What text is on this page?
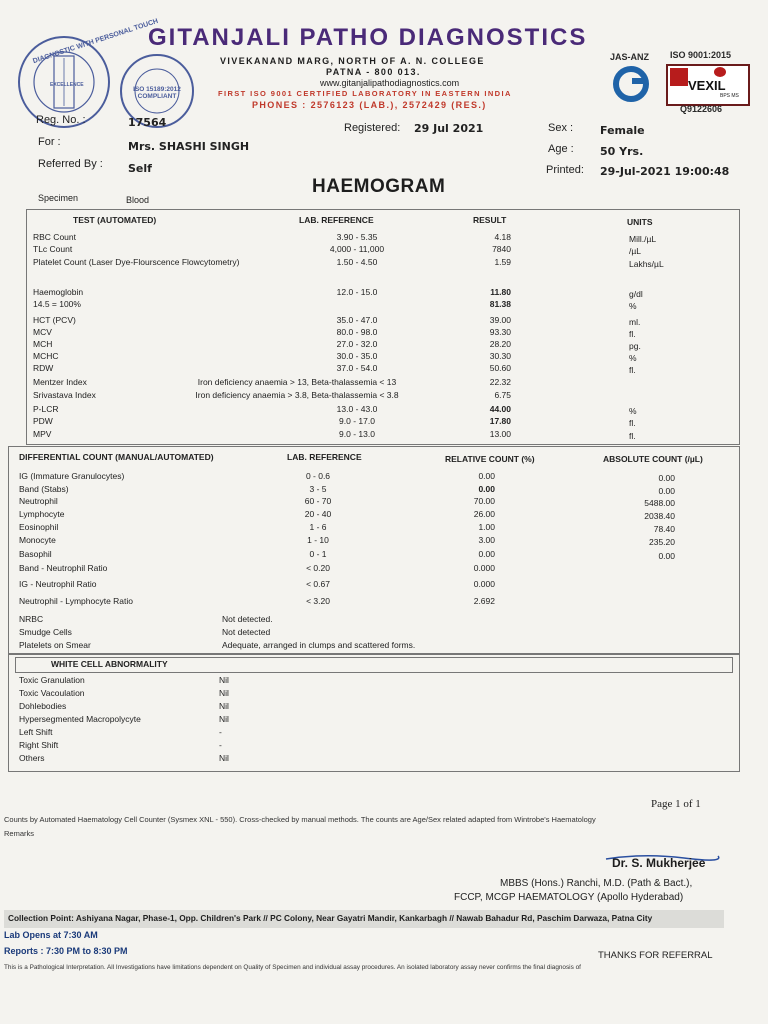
DIAGNOSTIC WITH PERSONAL TOUCH
EXCELLENCE
ISO 15189:2012 COMPLIANT
GITANJALI PATHO DIAGNOSTICS
VIVEKANAND MARG, NORTH OF A. N. COLLEGE
PATNA - 800 013.
www.gitanjalipathodiagnostics.com
FIRST ISO 9001 CERTIFIED LABORATORY IN EASTERN INDIA
PHONES : 2576123 (LAB.), 2572429 (RES.)
JAS-ANZ ISO 9001:2015
VEXIL
BPS MS
Q9122606
Reg. No. :	17564	Registered: 29 Jul 2021	Sex : Female
For :	Mrs. SHASHI SINGH	Age : 50 Yrs.
Referred By : Self	Printed: 29-Jul-2021 19:00:48
HAEMOGRAM
Specimen	Blood
TEST (AUTOMATED)	LAB. REFERENCE	RESULT	UNITS
RBC Count	3.90 - 5.35	4.18	Mill./µL
TLc Count	4,000 - 11,000	7840	/µL
Platelet Count (Laser Dye-Flourscence Flowcytometry)	1.50 - 4.50	1.59	Lakhs/µL
Haemoglobin	12.0 - 15.0	11.80	g/dl
14.5 = 100%	81.38	%
HCT (PCV)	35.0 - 47.0	39.00	ml.
MCV	80.0 - 98.0	93.30	fl.
MCH	27.0 - 32.0	28.20	pg.
MCHC	30.0 - 35.0	30.30	%
RDW	37.0 - 54.0	50.60	fl.
Mentzer Index	Iron deficiency anaemia > 13, Beta-thalassemia < 13	22.32
Srivastava Index	Iron deficiency anaemia > 3.8, Beta-thalassemia < 3.8	6.75
P-LCR	13.0 - 43.0	44.00	%
PDW	9.0 - 17.0	17.80	fl.
MPV	9.0 - 13.0	13.00	fl.
DIFFERENTIAL COUNT (MANUAL/AUTOMATED)	LAB. REFERENCE	RELATIVE COUNT (%)	ABSOLUTE COUNT (/µL)
IG (Immature Granulocytes)	0 - 0.6	0.00	0.00
Band (Stabs)	3 - 5	0.00	0.00
Neutrophil	60 - 70	70.00	5488.00
Lymphocyte	20 - 40	26.00	2038.40
Eosinophil	1 - 6	1.00	78.40
Monocyte	1 - 10	3.00	235.20
Basophil	0 - 1	0.00	0.00
Band - Neutrophil Ratio	< 0.20	0.000
IG - Neutrophil Ratio	< 0.67	0.000
Neutrophil - Lymphocyte Ratio	< 3.20	2.692
NRBC	Not detected.
Smudge Cells	Not detected
Platelets on Smear	Adequate, arranged in clumps and scattered forms.
WHITE CELL ABNORMALITY
Toxic Granulation	Nil
Toxic Vacoulation	Nil
Dohlebodies	Nil
Hypersegmented Macropolycyte	Nil
Left Shift	-
Right Shift	-
Others	Nil
Page 1 of 1
Counts by Automated Haematology Cell Counter (Sysmex XNL - 550). Cross-checked by manual methods. The counts are Age/Sex related adapted from Wintrobe's Haematology
Remarks
Dr. S. Mukherjee
MBBS (Hons.) Ranchi, M.D. (Path & Bact.),
FCCP, MCGP HAEMATOLOGY (Apollo Hyderabad)
Collection Point: Ashiyana Nagar, Phase-1, Opp. Children's Park // PC Colony, Near Gayatri Mandir, Kankarbagh // Nawab Bahadur Rd, Paschim Darwaza, Patna City
Lab Opens at 7:30 AM
Reports : 7:30 PM to 8:30 PM	THANKS FOR REFERRAL
This is a Pathological Interpretation. All Investigations have limitations dependent on Quality of Specimen and individual assay procedures. An isolated laboratory assay never confirms the final diagnosis of
